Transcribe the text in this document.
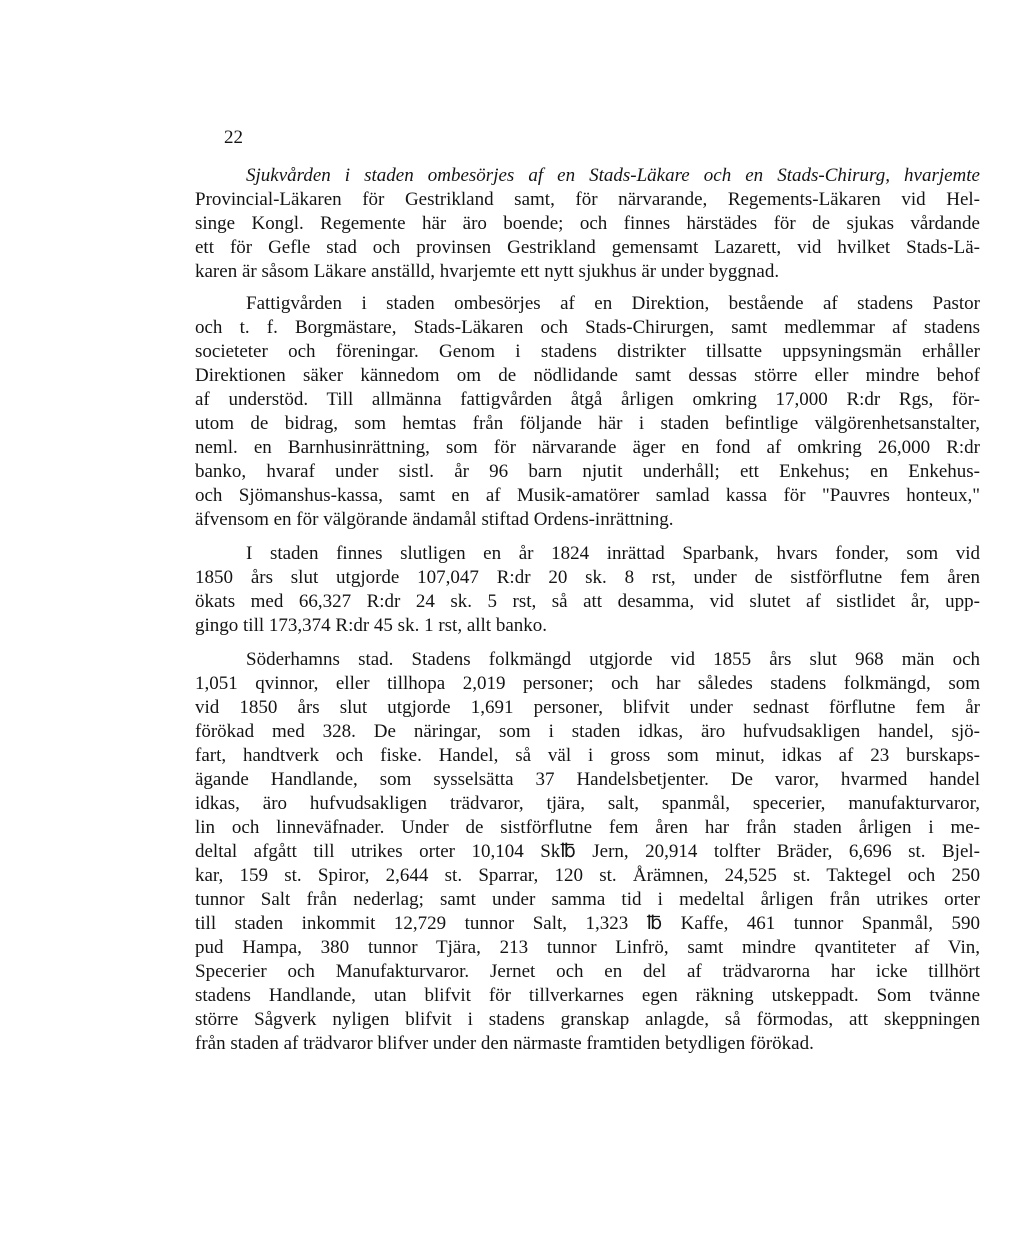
22
Sjukvården i staden ombesörjes af en Stads-Läkare och en Stads-Chirurg, hvarjemte
Provincial-Läkaren för Gestrikland samt, för närvarande, Regements-Läkaren vid Hel-
singe Kongl. Regemente här äro boende; och finnes härstädes för de sjukas vårdande
ett för Gefle stad och provinsen Gestrikland gemensamt Lazarett, vid hvilket Stads-Lä-
karen är såsom Läkare anställd, hvarjemte ett nytt sjukhus är under byggnad.
Fattigvården i staden ombesörjes af en Direktion, bestående af stadens Pastor
och t. f. Borgmästare, Stads-Läkaren och Stads-Chirurgen, samt medlemmar af stadens
societeter och föreningar. Genom i stadens distrikter tillsatte uppsyningsmän erhåller
Direktionen säker kännedom om de nödlidande samt dessas större eller mindre behof
af understöd. Till allmänna fattigvården åtgå årligen omkring 17,000 R:dr Rgs, för-
utom de bidrag, som hemtas från följande här i staden befintlige välgörenhetsanstalter,
neml. en Barnhusinrättning, som för närvarande äger en fond af omkring 26,000 R:dr
banko, hvaraf under sistl. år 96 barn njutit underhåll; ett Enkehus; en Enkehus-
och Sjömanshus-kassa, samt en af Musik-amatörer samlad kassa för "Pauvres honteux,"
äfvensom en för välgörande ändamål stiftad Ordens-inrättning.
I staden finnes slutligen en år 1824 inrättad Sparbank, hvars fonder, som vid
1850 års slut utgjorde 107,047 R:dr 20 sk. 8 rst, under de sistförflutne fem åren
ökats med 66,327 R:dr 24 sk. 5 rst, så att desamma, vid slutet af sistlidet år, upp-
gingo till 173,374 R:dr 45 sk. 1 rst, allt banko.
Söderhamns stad. Stadens folkmängd utgjorde vid 1855 års slut 968 män och
1,051 qvinnor, eller tillhopa 2,019 personer; och har således stadens folkmängd, som
vid 1850 års slut utgjorde 1,691 personer, blifvit under sednast förflutne fem år
förökad med 328. De näringar, som i staden idkas, äro hufvudsakligen handel, sjö-
fart, handtverk och fiske. Handel, så väl i gross som minut, idkas af 23 burskaps-
ägande Handlande, som sysselsätta 37 Handelsbetjenter. De varor, hvarmed handel
idkas, äro hufvudsakligen trädvaror, tjära, salt, spanmål, specerier, manufakturvaror,
lin och linneväfnader. Under de sistförflutne fem åren har från staden årligen i me-
deltal afgått till utrikes orter 10,104 Sk℔ Jern, 20,914 tolfter Bräder, 6,696 st. Bjel-
kar, 159 st. Spiror, 2,644 st. Sparrar, 120 st. Årämnen, 24,525 st. Taktegel och 250
tunnor Salt från nederlag; samt under samma tid i medeltal årligen från utrikes orter
till staden inkommit 12,729 tunnor Salt, 1,323 ℔ Kaffe, 461 tunnor Spanmål, 590
pud Hampa, 380 tunnor Tjära, 213 tunnor Linfrö, samt mindre qvantiteter af Vin,
Specerier och Manufakturvaror. Jernet och en del af trädvarorna har icke tillhört
stadens Handlande, utan blifvit för tillverkarnes egen räkning utskeppadt. Som tvänne
större Sågverk nyligen blifvit i stadens granskap anlagde, så förmodas, att skeppningen
från staden af trädvaror blifver under den närmaste framtiden betydligen förökad.
